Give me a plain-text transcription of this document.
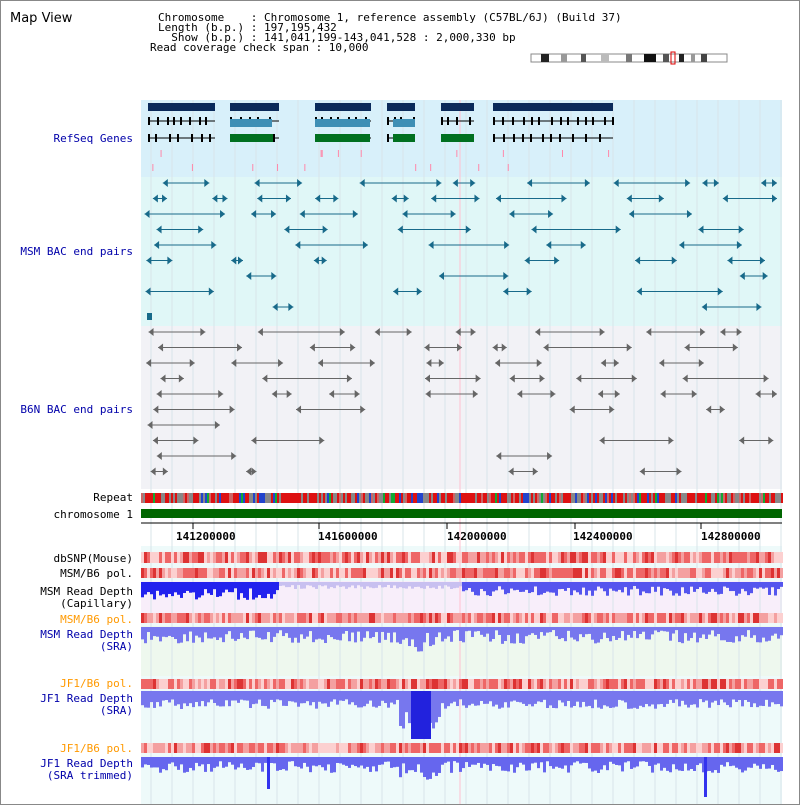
Map View	Chromosome    : Chromosome 1, reference assembly (C57BL/6J) (Build 37)
Length (b.p.) : 197,195,432
Show (b.p.) : 141,041,199-143,041,528 : 2,000,330 bp
Read coverage check span : 10,000
RefSeq Genes
MSM BAC end pairs
B6N BAC end pairs
Repeat
chromosome 1
dbSNP(Mouse)
MSM/B6 pol.
MSM Read Depth
(Capillary)
MSM/B6 pol.
MSM Read Depth
(SRA)
JF1/B6 pol.
JF1 Read Depth
(SRA)
JF1/B6 pol.
JF1 Read Depth
(SRA trimmed)
141200000	141600000	142000000	142400000	142800000
